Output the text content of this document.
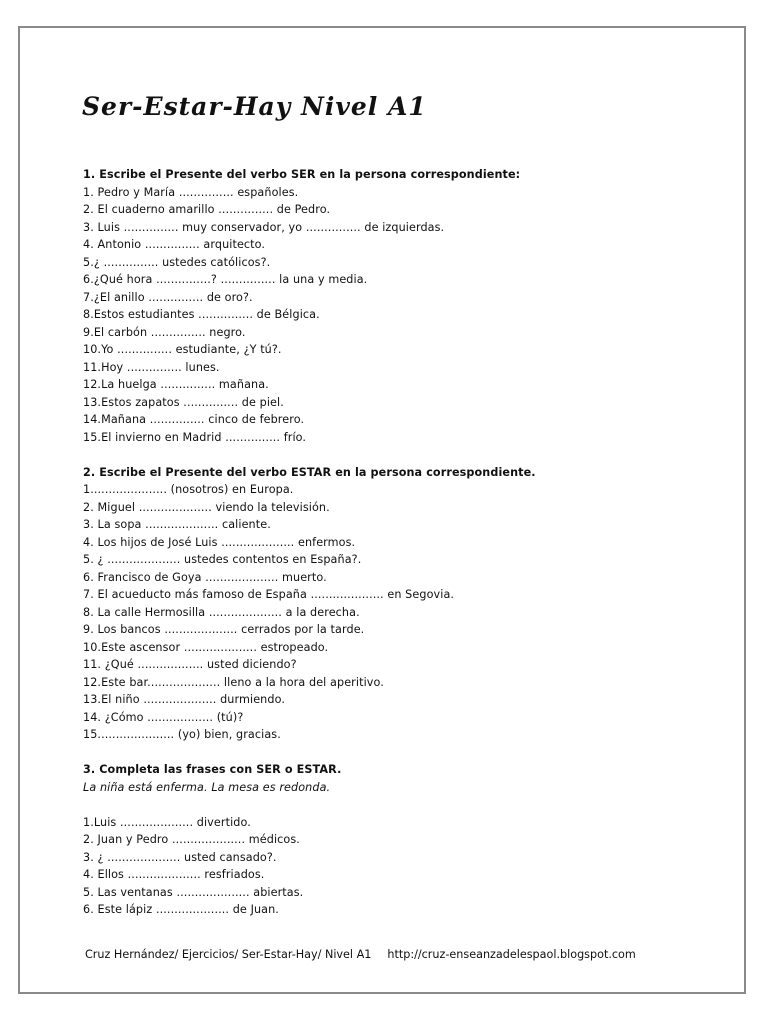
Ser-Estar-Hay Nivel A1
1. Escribe el Presente del verbo SER en la persona correspondiente:
1. Pedro y María ............... españoles.
2. El cuaderno amarillo ............... de Pedro.
3. Luis ............... muy conservador, yo ............... de izquierdas.
4. Antonio ............... arquitecto.
5.¿ ............... ustedes católicos?.
6.¿Qué hora ...............? ............... la una y media.
7.¿El anillo ............... de oro?.
8.Estos estudiantes ............... de Bélgica.
9.El carbón ............... negro.
10.Yo ............... estudiante, ¿Y tú?.
11.Hoy ............... lunes.
12.La huelga ............... mañana.
13.Estos zapatos ............... de piel.
14.Mañana ............... cinco de febrero.
15.El invierno en Madrid ............... frío.
2. Escribe el Presente del verbo ESTAR en la persona correspondiente.
1..................... (nosotros) en Europa.
2. Miguel .................... viendo la televisión.
3. La sopa .................... caliente.
4. Los hijos de José Luis .................... enfermos.
5. ¿ .................... ustedes contentos en España?.
6. Francisco de Goya .................... muerto.
7. El acueducto más famoso de España .................... en Segovia.
8. La calle Hermosilla .................... a la derecha.
9. Los bancos .................... cerrados por la tarde.
10.Este ascensor .................... estropeado.
11. ¿Qué .................. usted diciendo?
12.Este bar.................... lleno a la hora del aperitivo.
13.El niño .................... durmiendo.
14. ¿Cómo .................. (tú)?
15..................... (yo) bien, gracias.
3. Completa las frases con SER o ESTAR.
La niña está enferma. La mesa es redonda.
1.Luis .................... divertido.
2. Juan y Pedro .................... médicos.
3. ¿ .................... usted cansado?.
4. Ellos .................... resfriados.
5. Las ventanas .................... abiertas.
6. Este lápiz .................... de Juan.
Cruz Hernández/ Ejercicios/ Ser-Estar-Hay/ Nivel A1 http://cruz-enseanzadelespaol.blogspot.com
